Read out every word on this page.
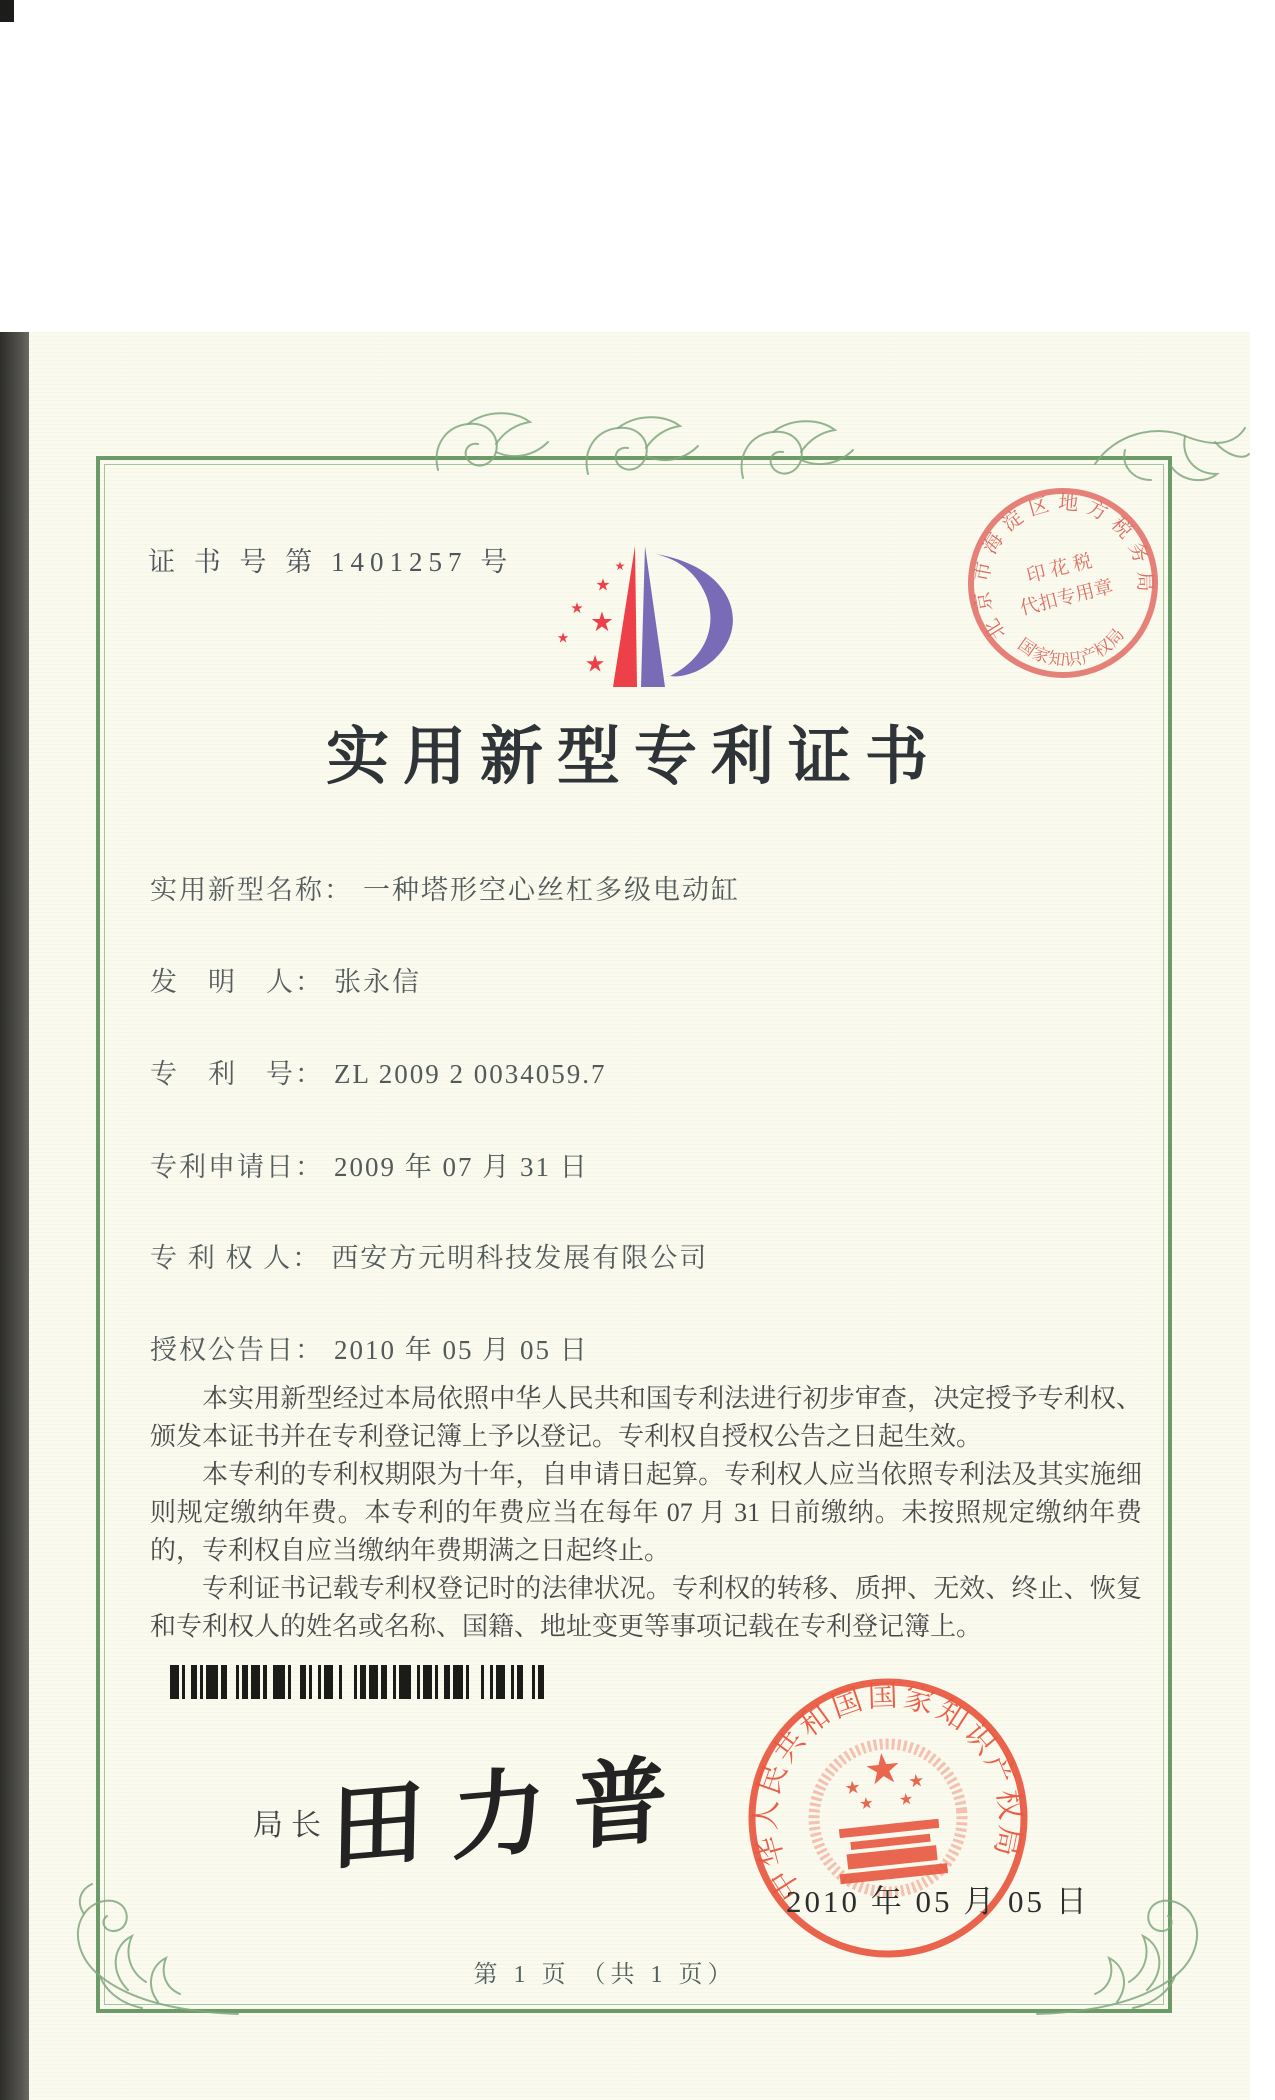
证 书 号 第 1401257 号
★
★
★ ★
★
★
北京市海淀区地方税务局
国家知识产权局
印 花 税
代扣专用章
实用新型专利证书
实用新型名称： 一种塔形空心丝杠多级电动缸
发　明　人： 张永信
专　利　号： ZL 2009 2 0034059.7
专利申请日： 2009 年 07 月 31 日
专 利 权 人： 西安方元明科技发展有限公司
授权公告日： 2010 年 05 月 05 日

本实用新型经过本局依照中华人民共和国专利法进行初步审查，决定授予专利权、颁发本证书并在专利登记簿上予以登记。专利权自授权公告之日起生效。

本专利的专利权期限为十年，自申请日起算。专利权人应当依照专利法及其实施细则规定缴纳年费。本专利的年费应当在每年 07 月 31 日前缴纳。未按照规定缴纳年费的，专利权自应当缴纳年费期满之日起终止。

专利证书记载专利权登记时的法律状况。专利权的转移、质押、无效、终止、恢复和专利权人的姓名或名称、国籍、地址变更等事项记载在专利登记簿上。

局长 田力普	中华人民共和国国家知识产权局
★
★	★
★ ★
2010 年 05 月 05 日
第 1 页 （共 1 页）
